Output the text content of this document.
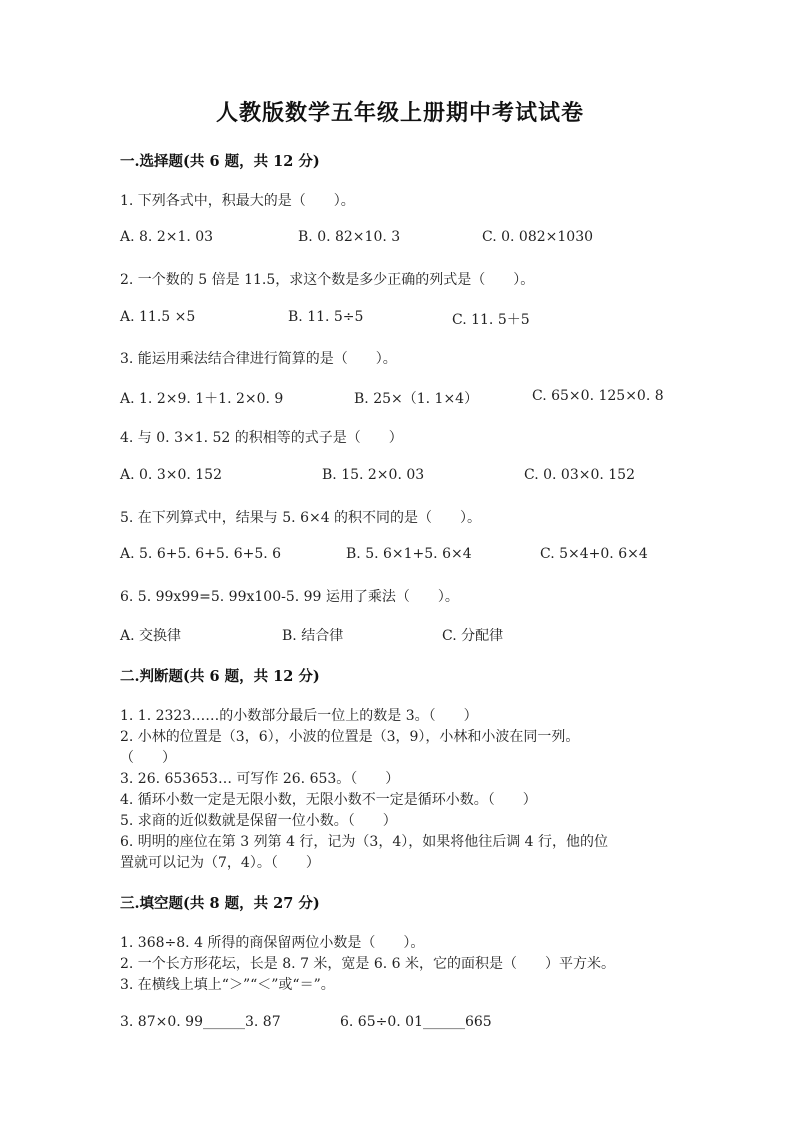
人教版数学五年级上册期中考试试卷
一.选择题(共 6 题，共 12 分)
1. 下列各式中，积最大的是（　　）。
A. 8. 2×1. 03	B. 0. 82×10. 3	C. 0. 082×1030
2. 一个数的 5 倍是 11.5，求这个数是多少正确的列式是（　　）。
A. 11.5 ×5	B. 11. 5÷5	C. 11. 5＋5
3. 能运用乘法结合律进行简算的是（　　）。
A. 1. 2×9. 1＋1. 2×0. 9	B. 25×（1. 1×4）	C. 65×0. 125×0. 8
4. 与 0. 3×1. 52 的积相等的式子是（　　）
A. 0. 3×0. 152	B. 15. 2×0. 03	C. 0. 03×0. 152
5. 在下列算式中，结果与 5. 6×4 的积不同的是（　　）。
A. 5. 6+5. 6+5. 6+5. 6	B. 5. 6×1+5. 6×4	C. 5×4+0. 6×4
6. 5. 99x99=5. 99x100-5. 99 运用了乘法（　　）。
A. 交换律	B. 结合律	C. 分配律
二.判断题(共 6 题，共 12 分)
1. 1. 2323……的小数部分最后一位上的数是 3。（　　）
2. 小林的位置是（3，6），小波的位置是（3，9），小林和小波在同一列。
（　　）
3. 26. 653653… 可写作 26. 653。（　　）
4. 循环小数一定是无限小数，无限小数不一定是循环小数。（　　）
5. 求商的近似数就是保留一位小数。（　　）
6. 明明的座位在第 3 列第 4 行，记为（3，4），如果将他往后调 4 行，他的位
置就可以记为（7，4）。（　　）
三.填空题(共 8 题，共 27 分)
1. 368÷8. 4 所得的商保留两位小数是（　　）。
2. 一个长方形花坛，长是 8. 7 米，宽是 6. 6 米，它的面积是（　　）平方米。
3. 在横线上填上“＞”“＜”或“＝”。
3. 87×0. 99______3. 87	6. 65÷0. 01______665
